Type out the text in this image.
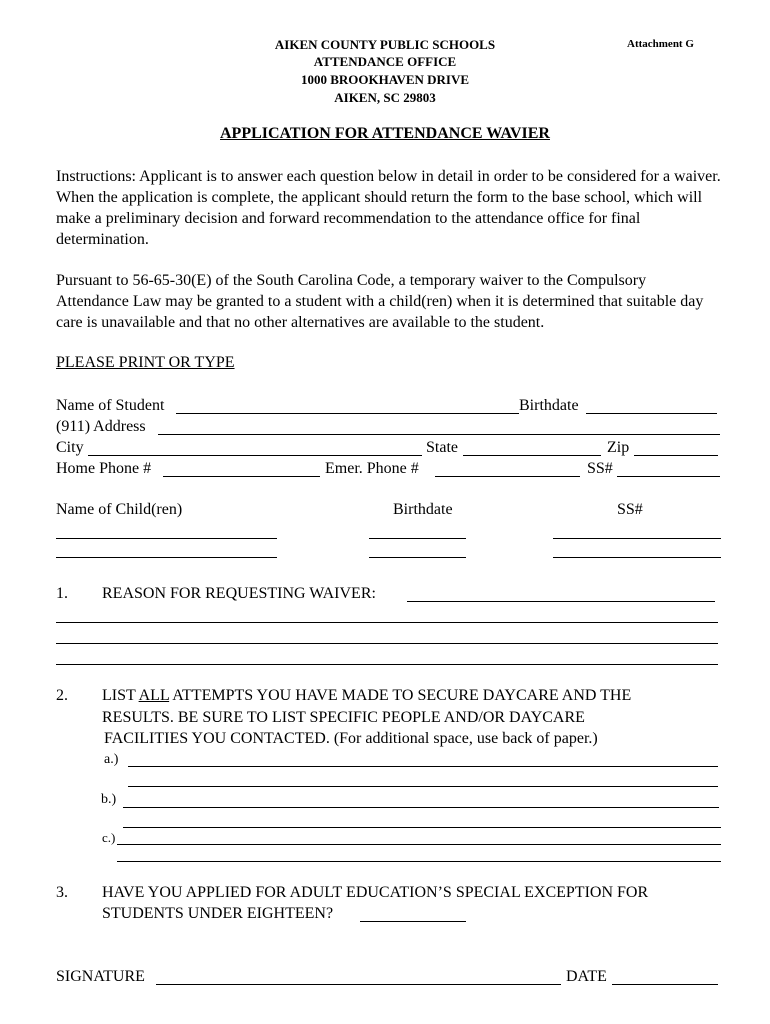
AIKEN COUNTY PUBLIC SCHOOLS
ATTENDANCE OFFICE
1000 BROOKHAVEN DRIVE
AIKEN, SC 29803
Attachment G
APPLICATION FOR ATTENDANCE WAVIER
Instructions: Applicant is to answer each question below in detail in order to be considered for a waiver. When the application is complete, the applicant should return the form to the base school, which will make a preliminary decision and forward recommendation to the attendance office for final determination.
Pursuant to 56-65-30(E) of the South Carolina Code, a temporary waiver to the Compulsory Attendance Law may be granted to a student with a child(ren) when it is determined that suitable day care is unavailable and that no other alternatives are available to the student.
PLEASE PRINT OR TYPE
Name of Student	Birthdate
(911) Address
City	State	Zip
Home Phone #	Emer. Phone #	SS#
Name of Child(ren)	Birthdate	SS#
1. REASON FOR REQUESTING WAIVER:
2. LIST ALL ATTEMPTS YOU HAVE MADE TO SECURE DAYCARE AND THE
RESULTS. BE SURE TO LIST SPECIFIC PEOPLE AND/OR DAYCARE
FACILITIES YOU CONTACTED. (For additional space, use back of paper.)
a.)
b.)
c.)
3. HAVE YOU APPLIED FOR ADULT EDUCATION’S SPECIAL EXCEPTION FOR
STUDENTS UNDER EIGHTEEN?
SIGNATURE	DATE
